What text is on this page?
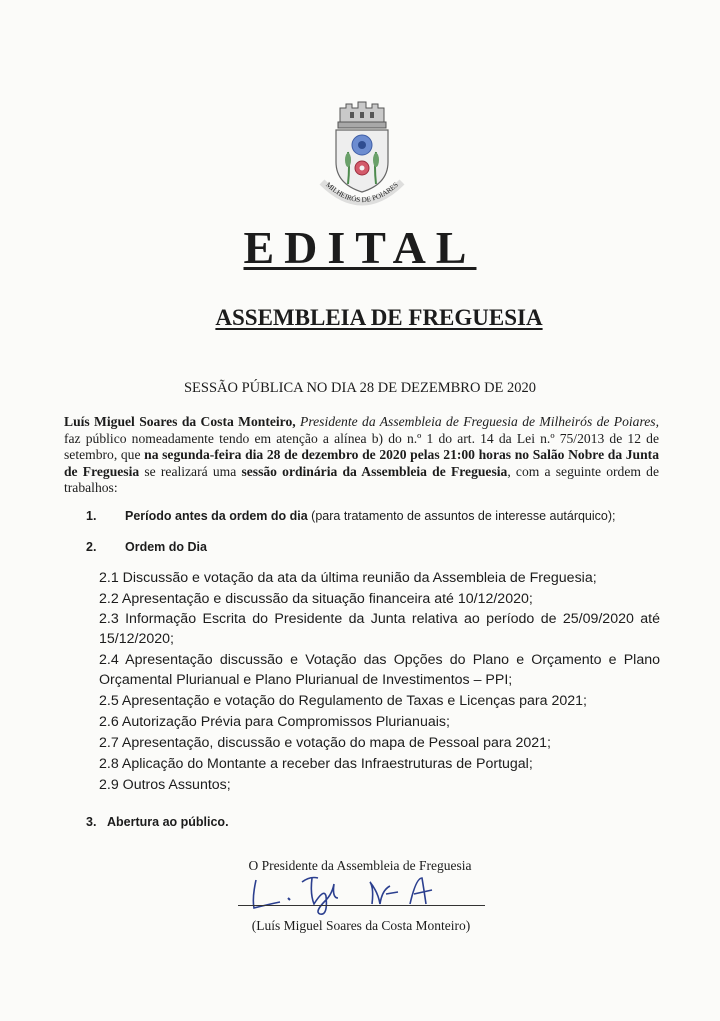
MILHEIRÓS DE POIARES
EDITAL
ASSEMBLEIA DE FREGUESIA
SESSÃO PÚBLICA NO DIA 28 DE DEZEMBRO DE 2020
Luís Miguel Soares da Costa Monteiro, Presidente da Assembleia de Freguesia de Milheirós de Poiares, faz público nomeadamente tendo em atenção a alínea b) do n.º 1 do art. 14 da Lei n.º 75/2013 de 12 de setembro, que na segunda-feira dia 28 de dezembro de 2020 pelas 21:00 horas no Salão Nobre da Junta de Freguesia se realizará uma sessão ordinária da Assembleia de Freguesia, com a seguinte ordem de trabalhos:
1. Período antes da ordem do dia (para tratamento de assuntos de interesse autárquico);
2. Ordem do Dia
2.1 Discussão e votação da ata da última reunião da Assembleia de Freguesia;
2.2 Apresentação e discussão da situação financeira até 10/12/2020;
2.3 Informação Escrita do Presidente da Junta relativa ao período de 25/09/2020 até 15/12/2020;
2.4 Apresentação discussão e Votação das Opções do Plano e Orçamento e Plano Orçamental Plurianual e Plano Plurianual de Investimentos – PPI;
2.5 Apresentação e votação do Regulamento de Taxas e Licenças para 2021;
2.6 Autorização Prévia para Compromissos Plurianuais;
2.7 Apresentação, discussão e votação do mapa de Pessoal para 2021;
2.8 Aplicação do Montante a receber das Infraestruturas de Portugal;
2.9 Outros Assuntos;
3. Abertura ao público.
O Presidente da Assembleia de Freguesia
(Luís Miguel Soares da Costa Monteiro)
